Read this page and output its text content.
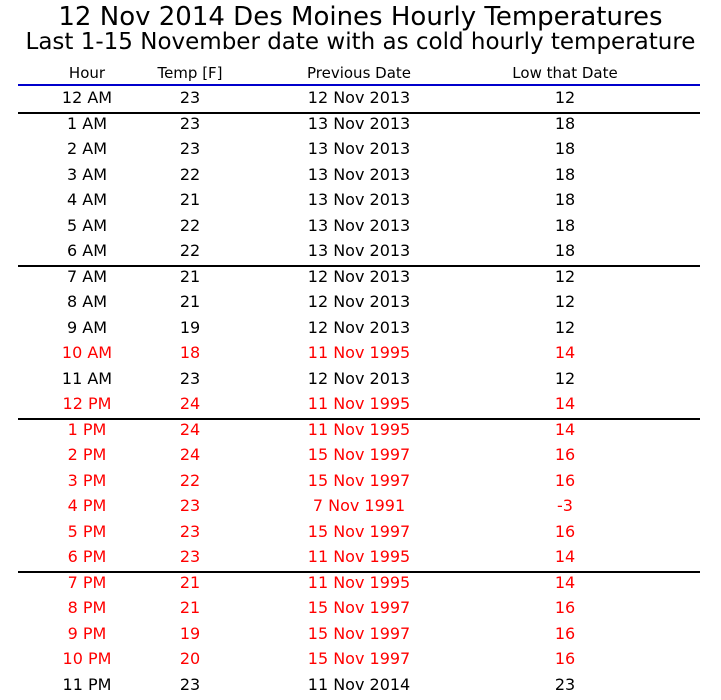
12 Nov 2014 Des Moines Hourly Temperatures
Last 1-15 November date with as cold hourly temperature
Hour	Temp [F]	Previous Date	Low that Date
12 AM	23	12 Nov 2013	12
1 AM	23	13 Nov 2013	18
2 AM	23	13 Nov 2013	18
3 AM	22	13 Nov 2013	18
4 AM	21	13 Nov 2013	18
5 AM	22	13 Nov 2013	18
6 AM	22	13 Nov 2013	18
7 AM	21	12 Nov 2013	12
8 AM	21	12 Nov 2013	12
9 AM	19	12 Nov 2013	12
10 AM	18	11 Nov 1995	14
11 AM	23	12 Nov 2013	12
12 PM	24	11 Nov 1995	14
1 PM	24	11 Nov 1995	14
2 PM	24	15 Nov 1997	16
3 PM	22	15 Nov 1997	16
4 PM	23	7 Nov 1991	-3
5 PM	23	15 Nov 1997	16
6 PM	23	11 Nov 1995	14
7 PM	21	11 Nov 1995	14
8 PM	21	15 Nov 1997	16
9 PM	19	15 Nov 1997	16
10 PM	20	15 Nov 1997	16
11 PM	23	11 Nov 2014	23
